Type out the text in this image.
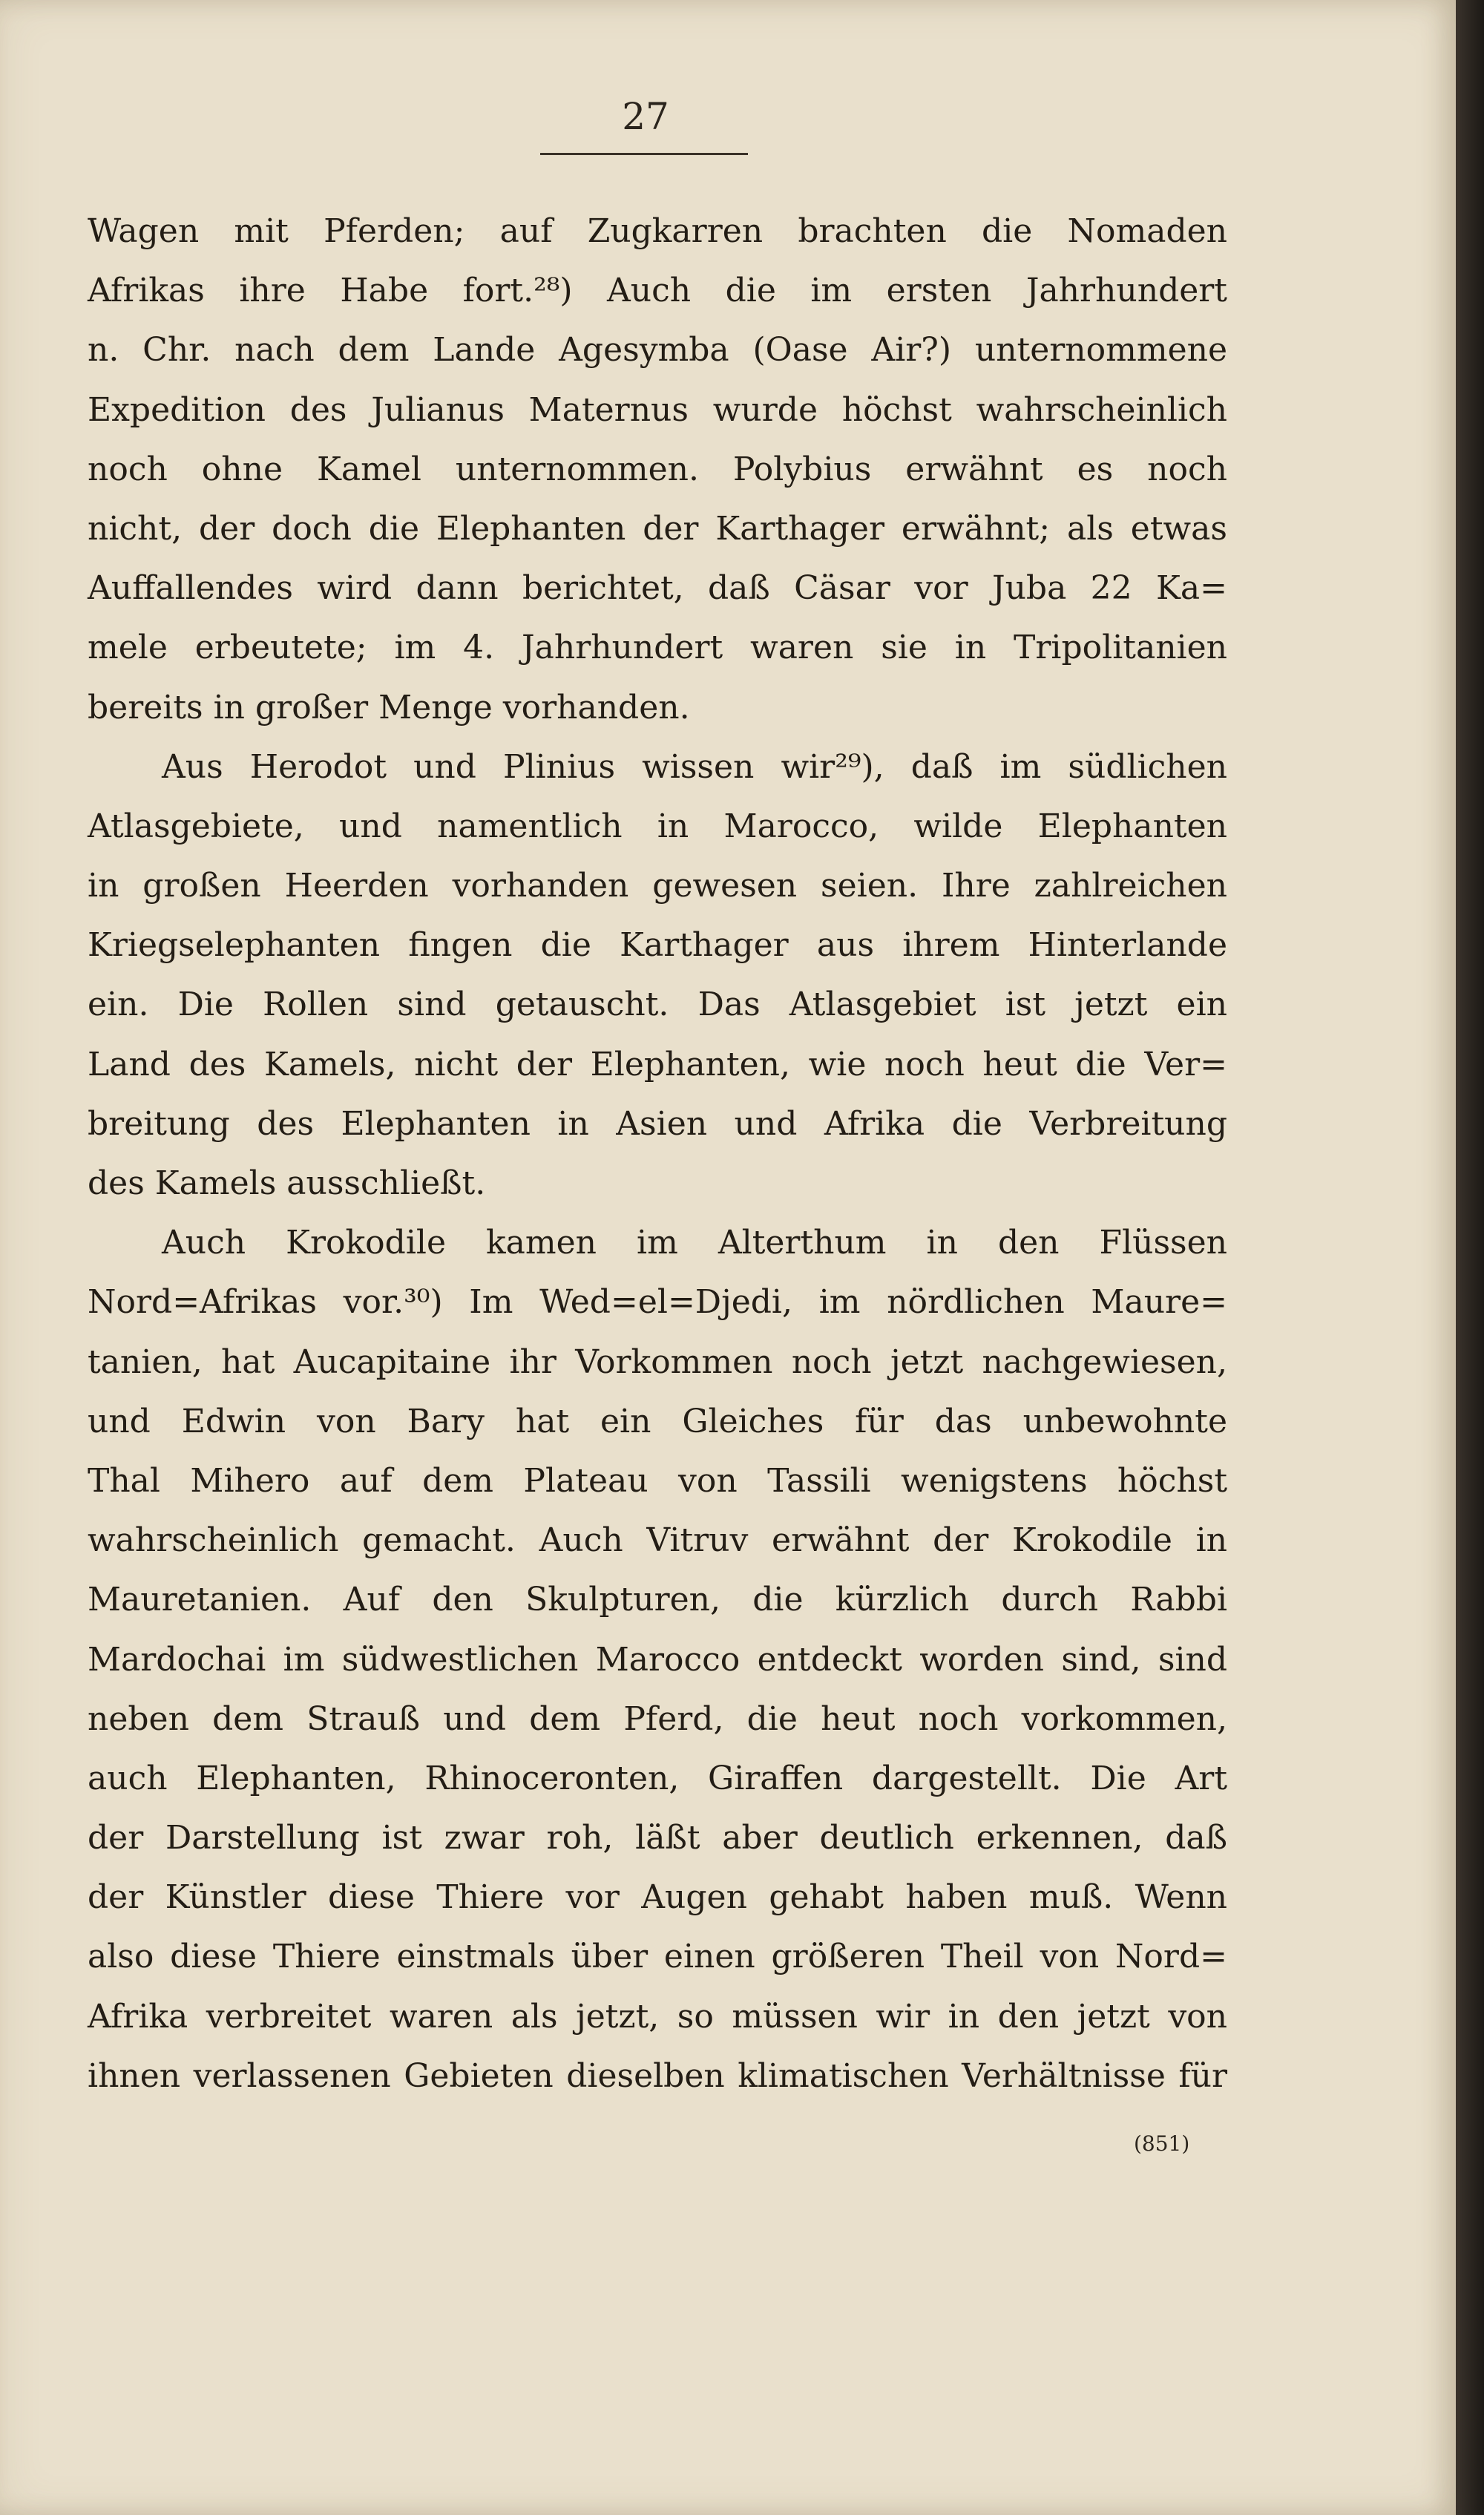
27
Wagen mit Pferden; auf Zugkarren brachten die Nomaden
Afrikas ihre Habe fort.²⁸) Auch die im ersten Jahrhundert
n. Chr. nach dem Lande Agesymba (Oase Air?) unternommene
Expedition des Julianus Maternus wurde höchst wahrscheinlich
noch ohne Kamel unternommen. Polybius erwähnt es noch
nicht, der doch die Elephanten der Karthager erwähnt; als etwas
Auffallendes wird dann berichtet, daß Cäsar vor Juba 22 Ka=
mele erbeutete; im 4. Jahrhundert waren sie in Tripolitanien
bereits in großer Menge vorhanden.
Aus Herodot und Plinius wissen wir²⁹), daß im südlichen
Atlasgebiete, und namentlich in Marocco, wilde Elephanten
in großen Heerden vorhanden gewesen seien. Ihre zahlreichen
Kriegselephanten fingen die Karthager aus ihrem Hinterlande
ein. Die Rollen sind getauscht. Das Atlasgebiet ist jetzt ein
Land des Kamels, nicht der Elephanten, wie noch heut die Ver=
breitung des Elephanten in Asien und Afrika die Verbreitung
des Kamels ausschließt.
Auch Krokodile kamen im Alterthum in den Flüssen
Nord=Afrikas vor.³⁰) Im Wed=el=Djedi, im nördlichen Maure=
tanien, hat Aucapitaine ihr Vorkommen noch jetzt nachgewiesen,
und Edwin von Bary hat ein Gleiches für das unbewohnte
Thal Mihero auf dem Plateau von Tassili wenigstens höchst
wahrscheinlich gemacht. Auch Vitruv erwähnt der Krokodile in
Mauretanien. Auf den Skulpturen, die kürzlich durch Rabbi
Mardochai im südwestlichen Marocco entdeckt worden sind, sind
neben dem Strauß und dem Pferd, die heut noch vorkommen,
auch Elephanten, Rhinoceronten, Giraffen dargestellt. Die Art
der Darstellung ist zwar roh, läßt aber deutlich erkennen, daß
der Künstler diese Thiere vor Augen gehabt haben muß. Wenn
also diese Thiere einstmals über einen größeren Theil von Nord=
Afrika verbreitet waren als jetzt, so müssen wir in den jetzt von
ihnen verlassenen Gebieten dieselben klimatischen Verhältnisse für
(851)
